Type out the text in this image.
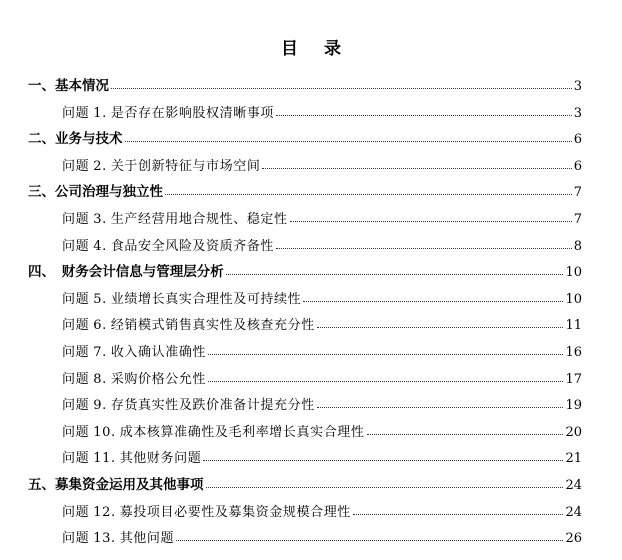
目 录
一、基本情况	3
问题 1. 是否存在影响股权清晰事项	3
二、业务与技术	6
问题 2. 关于创新特征与市场空间	6
三、公司治理与独立性	7
问题 3. 生产经营用地合规性、稳定性	7
问题 4. 食品安全风险及资质齐备性	8
四、　财务会计信息与管理层分析	10
问题 5. 业绩增长真实合理性及可持续性	10
问题 6. 经销模式销售真实性及核查充分性	11
问题 7. 收入确认准确性	16
问题 8. 采购价格公允性	17
问题 9. 存货真实性及跌价准备计提充分性	19
问题 10. 成本核算准确性及毛利率增长真实合理性	20
问题 11. 其他财务问题	21
五、募集资金运用及其他事项	24
问题 12. 募投项目必要性及募集资金规模合理性	24
问题 13. 其他问题	26
